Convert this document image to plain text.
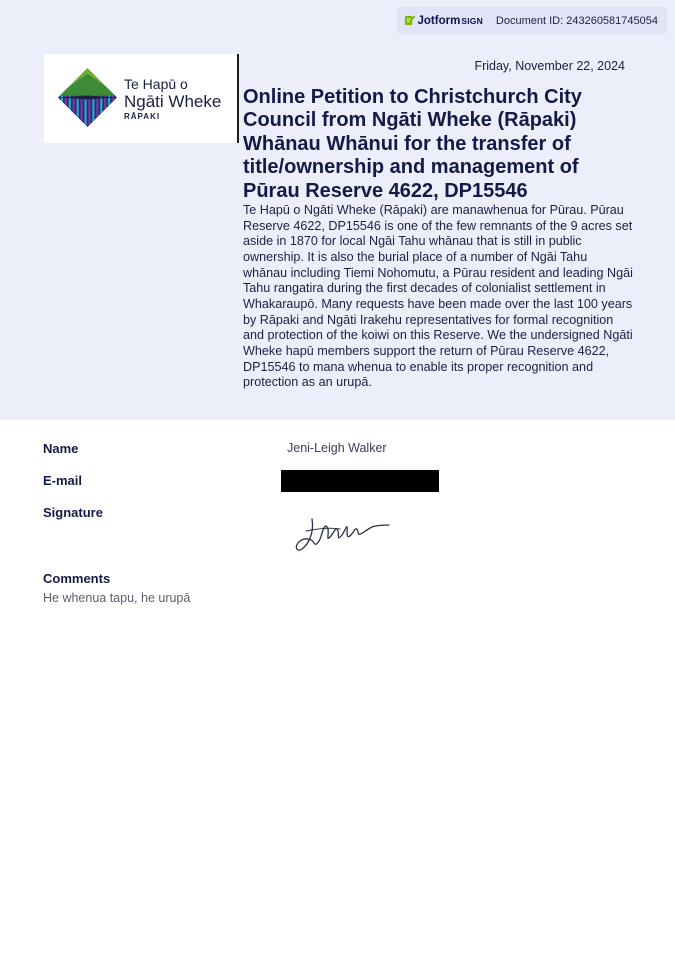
Jotform SIGN Document ID: 243260581745054
Te Hapū o
Ngāti Wheke
RĀPAKI
Friday, November 22, 2024
Online Petition to Christchurch City Council from Ngāti Wheke (Rāpaki) Whānau Whānui for the transfer of title/ownership and management of Pūrau Reserve 4622, DP15546

Te Hapū o Ngāti Wheke (Rāpaki) are manawhenua for Pūrau. Pūrau Reserve 4622, DP15546 is one of the few remnants of the 9 acres set aside in 1870 for local Ngāi Tahu whānau that is still in public ownership. It is also the burial place of a number of Ngāi Tahu whānau including Tiemi Nohomutu, a Pūrau resident and leading Ngāi Tahu rangatira during the first decades of colonialist settlement in Whakaraupō. Many requests have been made over the last 100 years by Rāpaki and Ngāti Irakehu representatives for formal recognition and protection of the koiwi on this Reserve. We the undersigned Ngāti Wheke hapū members support the return of Pūrau Reserve 4622, DP15546 to mana whenua to enable its proper recognition and protection as an urupā.

Name	Jeni-Leigh Walker
E-mail
Signature
Comments
He whenua tapu, he urupā
